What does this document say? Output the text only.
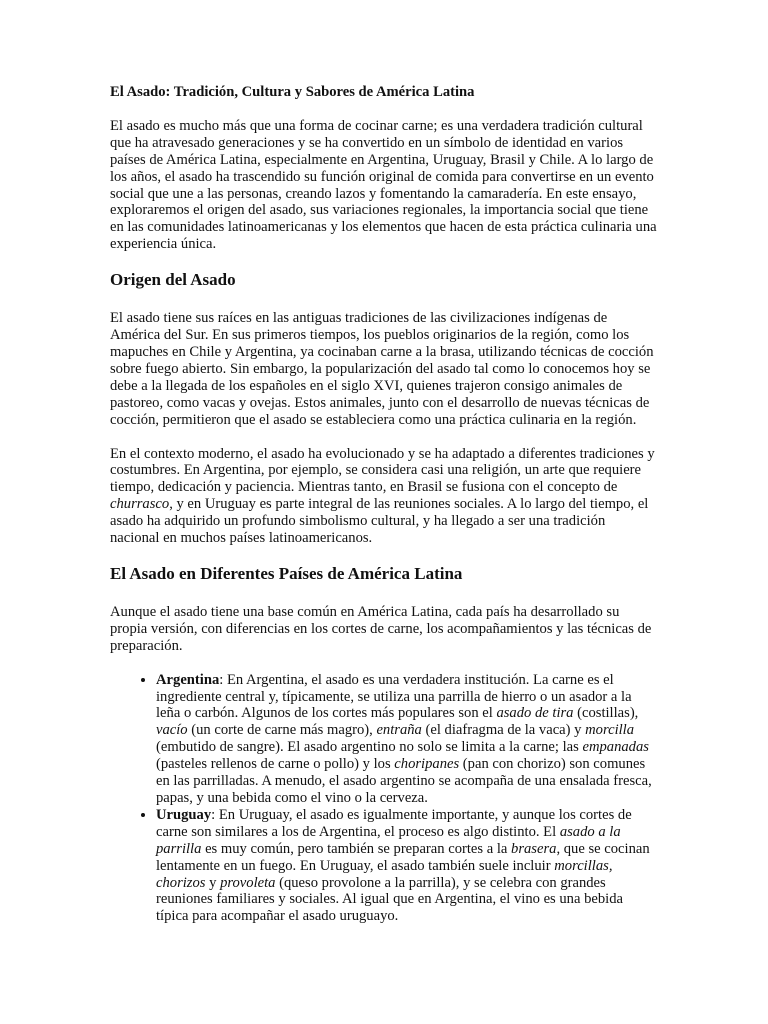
El Asado: Tradición, Cultura y Sabores de América Latina

El asado es mucho más que una forma de cocinar carne; es una verdadera tradición cultural que ha atravesado generaciones y se ha convertido en un símbolo de identidad en varios países de América Latina, especialmente en Argentina, Uruguay, Brasil y Chile. A lo largo de los años, el asado ha trascendido su función original de comida para convertirse en un evento social que une a las personas, creando lazos y fomentando la camaradería. En este ensayo, exploraremos el origen del asado, sus variaciones regionales, la importancia social que tiene en las comunidades latinoamericanas y los elementos que hacen de esta práctica culinaria una experiencia única.

Origen del Asado

El asado tiene sus raíces en las antiguas tradiciones de las civilizaciones indígenas de América del Sur. En sus primeros tiempos, los pueblos originarios de la región, como los mapuches en Chile y Argentina, ya cocinaban carne a la brasa, utilizando técnicas de cocción sobre fuego abierto. Sin embargo, la popularización del asado tal como lo conocemos hoy se debe a la llegada de los españoles en el siglo XVI, quienes trajeron consigo animales de pastoreo, como vacas y ovejas. Estos animales, junto con el desarrollo de nuevas técnicas de cocción, permitieron que el asado se estableciera como una práctica culinaria en la región.

En el contexto moderno, el asado ha evolucionado y se ha adaptado a diferentes tradiciones y costumbres. En Argentina, por ejemplo, se considera casi una religión, un arte que requiere tiempo, dedicación y paciencia. Mientras tanto, en Brasil se fusiona con el concepto de churrasco, y en Uruguay es parte integral de las reuniones sociales. A lo largo del tiempo, el asado ha adquirido un profundo simbolismo cultural, y ha llegado a ser una tradición nacional en muchos países latinoamericanos.

El Asado en Diferentes Países de América Latina

Aunque el asado tiene una base común en América Latina, cada país ha desarrollado su propia versión, con diferencias en los cortes de carne, los acompañamientos y las técnicas de preparación.

• Argentina: En Argentina, el asado es una verdadera institución. La carne es el ingrediente central y, típicamente, se utiliza una parrilla de hierro o un asador a la leña o carbón. Algunos de los cortes más populares son el asado de tira (costillas), vacío (un corte de carne más magro), entraña (el diafragma de la vaca) y morcilla (embutido de sangre). El asado argentino no solo se limita a la carne; las empanadas (pasteles rellenos de carne o pollo) y los choripanes (pan con chorizo) son comunes en las parrilladas. A menudo, el asado argentino se acompaña de una ensalada fresca, papas, y una bebida como el vino o la cerveza.
• Uruguay: En Uruguay, el asado es igualmente importante, y aunque los cortes de carne son similares a los de Argentina, el proceso es algo distinto. El asado a la parrilla es muy común, pero también se preparan cortes a la brasera, que se cocinan lentamente en un fuego. En Uruguay, el asado también suele incluir morcillas, chorizos y provoleta (queso provolone a la parrilla), y se celebra con grandes reuniones familiares y sociales. Al igual que en Argentina, el vino es una bebida típica para acompañar el asado uruguayo.
